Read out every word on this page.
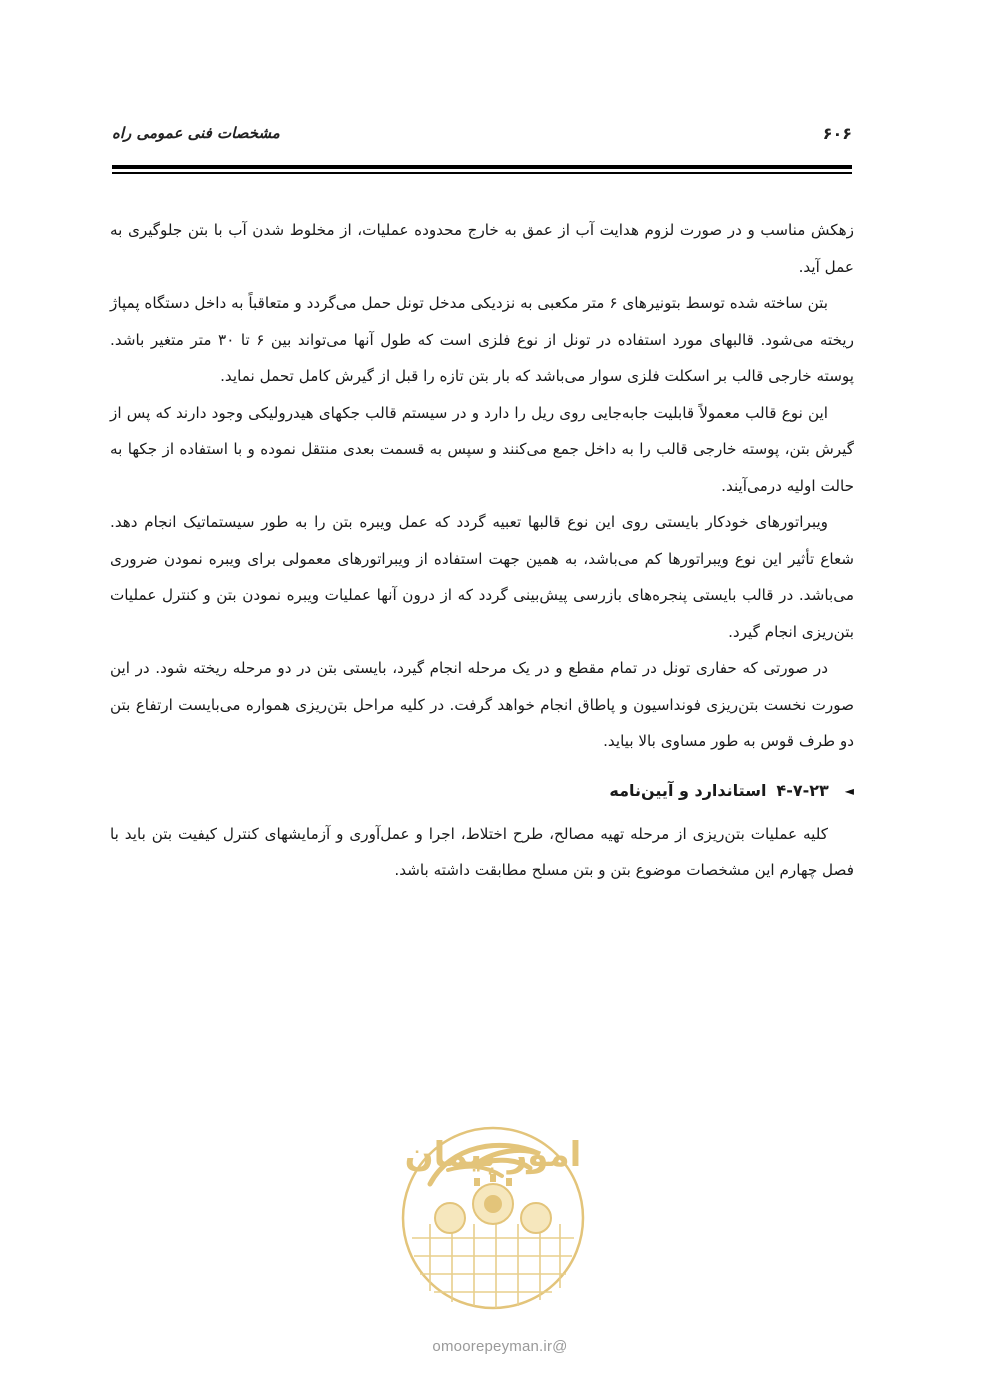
مشخصات فنی عمومی راه	۶۰۶

زهکش مناسب و در صورت لزوم هدایت آب از عمق به خارج محدوده عملیات، از مخلوط شدن آب با بتن جلوگیری به عمل آید.

بتن ساخته شده توسط بتونیرهای ۶ متر مکعبی به نزدیکی مدخل تونل حمل می‌گردد و متعاقباً به داخل دستگاه پمپاژ ریخته می‌شود. قالبهای مورد استفاده در تونل از نوع فلزی است که طول آنها می‌تواند بین ۶ تا ۳۰ متر متغیر باشد. پوسته خارجی قالب بر اسکلت فلزی سوار می‌باشد که بار بتن تازه را قبل از گیرش کامل تحمل نماید.

این نوع قالب معمولاً قابلیت جابه‌جایی روی ریل را دارد و در سیستم قالب جکهای هیدرولیکی وجود دارند که پس از گیرش بتن، پوسته خارجی قالب را به داخل جمع می‌کنند و سپس به قسمت بعدی منتقل نموده و با استفاده از جکها به حالت اولیه درمی‌آیند.

ویبراتورهای خودکار بایستی روی این نوع قالبها تعبیه گردد که عمل ویبره بتن را به طور سیستماتیک انجام دهد. شعاع تأثیر این نوع ویبراتورها کم می‌باشد، به همین جهت استفاده از ویبراتورهای معمولی برای ویبره نمودن ضروری می‌باشد. در قالب بایستی پنجره‌های بازرسی پیش‌بینی گردد که از درون آنها عملیات ویبره نمودن بتن و کنترل عملیات بتن‌ریزی انجام گیرد.

در صورتی که حفاری تونل در تمام مقطع و در یک مرحله انجام گیرد، بایستی بتن در دو مرحله ریخته شود. در این صورت نخست بتن‌ریزی فونداسیون و پاطاق انجام خواهد گرفت. در کلیه مراحل بتن‌ریزی همواره می‌بایست ارتفاع بتن دو طرف قوس به طور مساوی بالا بیاید.

◄
۴-۷-۲۳
استاندارد و آیین‌نامه

کلیه عملیات بتن‌ریزی از مرحله تهیه مصالح، طرح اختلاط، اجرا و عمل‌آوری و آزمایشهای کنترل کیفیت بتن باید با فصل چهارم این مشخصات موضوع بتن و بتن مسلح مطابقت داشته باشد.

امور پیمان
@omoorepeyman.ir
